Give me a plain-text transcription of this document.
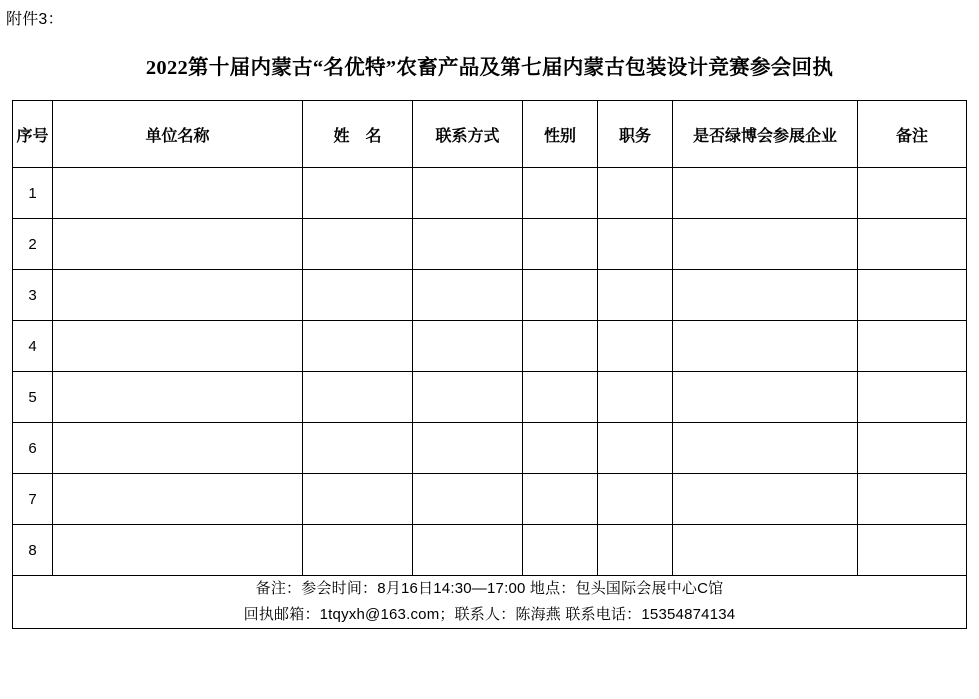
附件3：
2022第十届内蒙古“名优特”农畜产品及第七届内蒙古包装设计竞赛参会回执
序号	单位名称	姓　名	联系方式	性别	职务	是否绿博会参展企业	备注
1							
2							
3							
4							
5							
6							
7							
8							

备注：参会时间：8月16日14:30—17:00 地点：包头国际会展中心C馆
回执邮箱：1tqyxh@163.com；联系人：陈海燕 联系电话：15354874134							
